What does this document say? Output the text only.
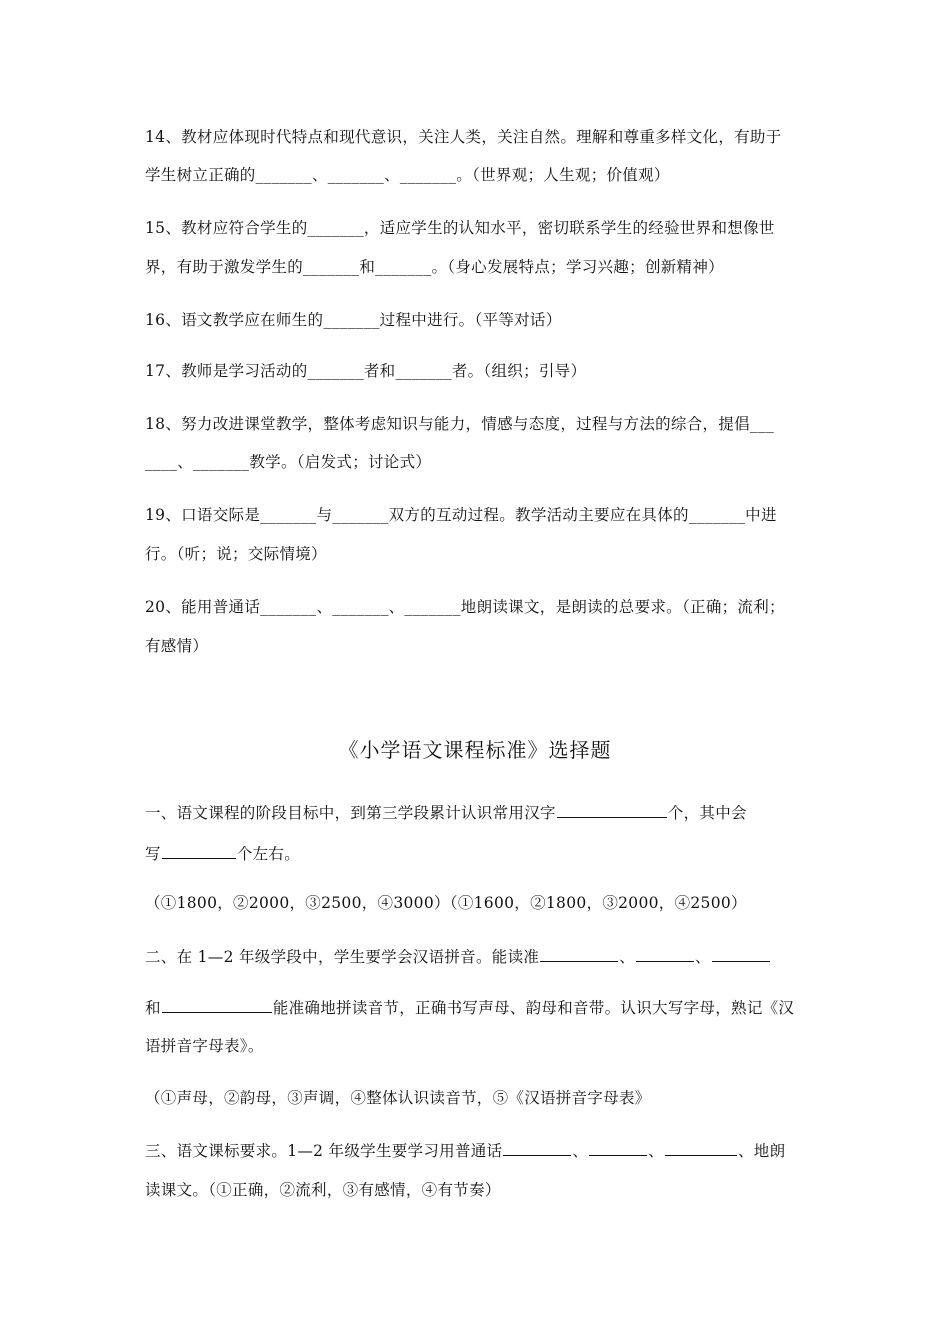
14、教材应体现时代特点和现代意识，关注人类，关注自然。理解和尊重多样文化，有助于
学生树立正确的_______、_______、_______。（世界观；人生观；价值观）
15、教材应符合学生的_______，适应学生的认知水平，密切联系学生的经验世界和想像世
界，有助于激发学生的_______和_______。（身心发展特点；学习兴趣；创新精神）
16、语文教学应在师生的_______过程中进行。（平等对话）
17、教师是学习活动的_______者和_______者。（组织；引导）
18、努力改进课堂教学，整体考虑知识与能力，情感与态度，过程与方法的综合，提倡___
____、_______教学。（启发式；讨论式）
19、口语交际是_______与_______双方的互动过程。教学活动主要应在具体的_______中进
行。（听；说；交际情境）
20、能用普通话_______、_______、_______地朗读课文，是朗读的总要求。（正确；流利；
有感情）
《小学语文课程标准》选择题
一、语文课程的阶段目标中，到第三学段累计认识常用汉字	个，其中会
写	个左右。
（①1800，②2000，③2500，④3000）（①1600，②1800，③2000，④2500）
二、在 1—2 年级学段中，学生要学会汉语拼音。能读准	、	、
和	能准确地拼读音节，正确书写声母、韵母和音带。认识大写字母，熟记《汉
语拼音字母表》。
（①声母，②韵母，③声调，④整体认识读音节，⑤《汉语拼音字母表》
三、语文课标要求。1—2 年级学生要学习用普通话	、	、	、地朗
读课文。（①正确，②流利，③有感情，④有节奏）
